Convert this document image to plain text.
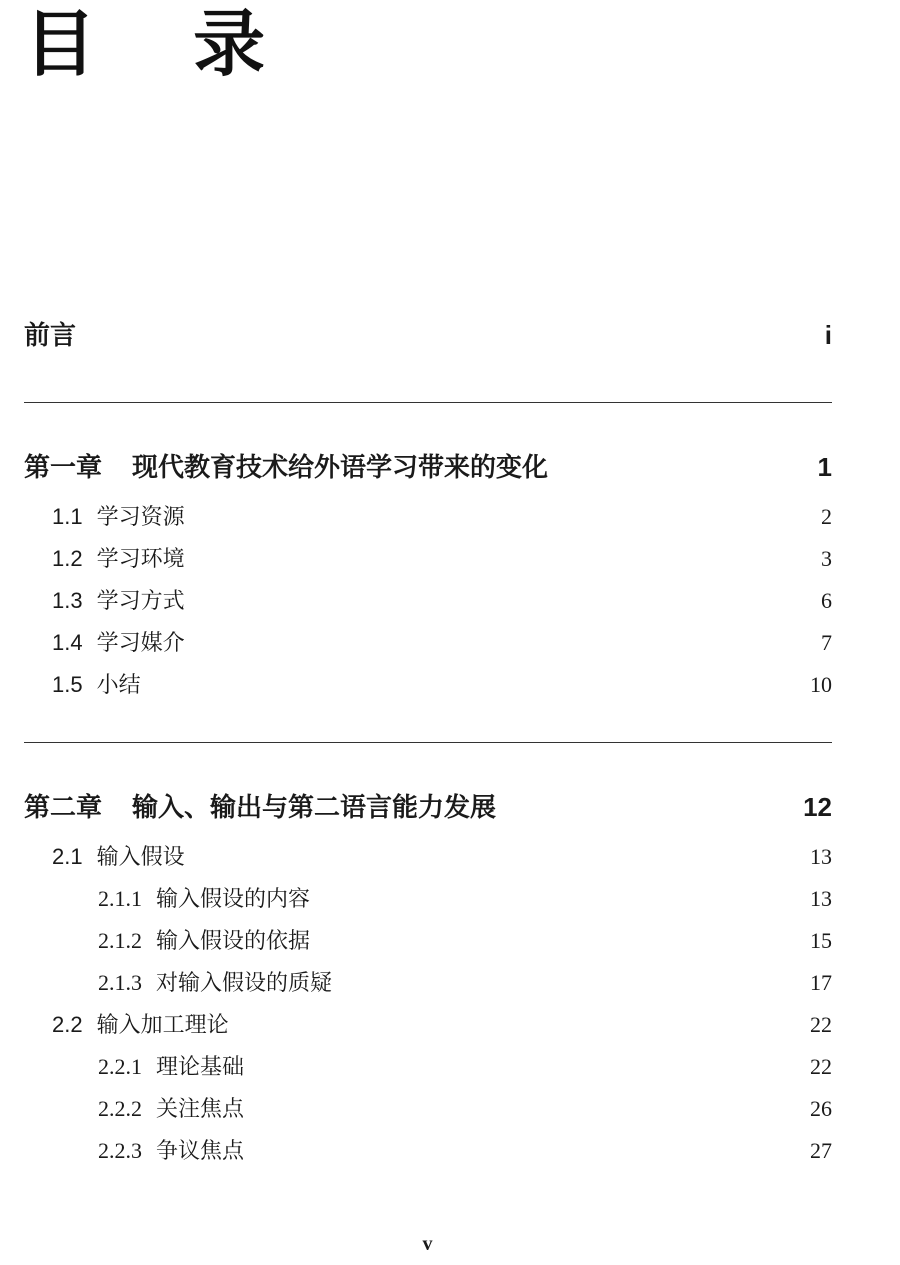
目 录
前言	i
第一章 现代教育技术给外语学习带来的变化	1
1.1 学习资源	2
1.2 学习环境	3
1.3 学习方式	6
1.4 学习媒介	7
1.5 小结	10
第二章 输入、输出与第二语言能力发展	12
2.1 输入假设	13
2.1.1 输入假设的内容	13
2.1.2 输入假设的依据	15
2.1.3 对输入假设的质疑	17
2.2 输入加工理论	22
2.2.1 理论基础	22
2.2.2 关注焦点	26
2.2.3 争议焦点	27
v
